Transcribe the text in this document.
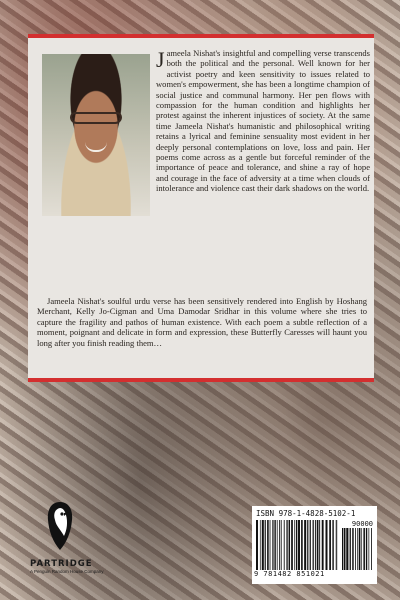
Jameela Nishat's insightful and compelling verse transcends both the political and the personal. Well known for her activist poetry and keen sensitivity to issues related to women's empowerment, she has been a longtime champion of social justice and communal harmony. Her pen flows with compassion for the human condition and highlights her protest against the inherent injustices of society. At the same time Jameela Nishat's humanistic and philosophical writing retains a lyrical and feminine sensuality most evident in her deeply personal contemplations on love, loss and pain. Her poems come across as a gentle but forceful reminder of the importance of peace and tolerance, and shine a ray of hope and courage in the face of adversity at a time when clouds of intolerance and violence cast their dark shadows on the world.

Jameela Nishat's soulful urdu verse has been sensitively rendered into English by Hoshang Merchant, Kelly Jo-Cigman and Uma Damodar Sridhar in this volume where she tries to capture the fragility and pathos of human existence. With each poem a subtle reflection of a moment, poignant and delicate in form and expression, these Butterfly Caresses will haunt you long after you finish reading them…

PARTRIDGE
A Penguin Random House Company
ISBN 978-1-4828-5102-1
90000
9 781482 851021
